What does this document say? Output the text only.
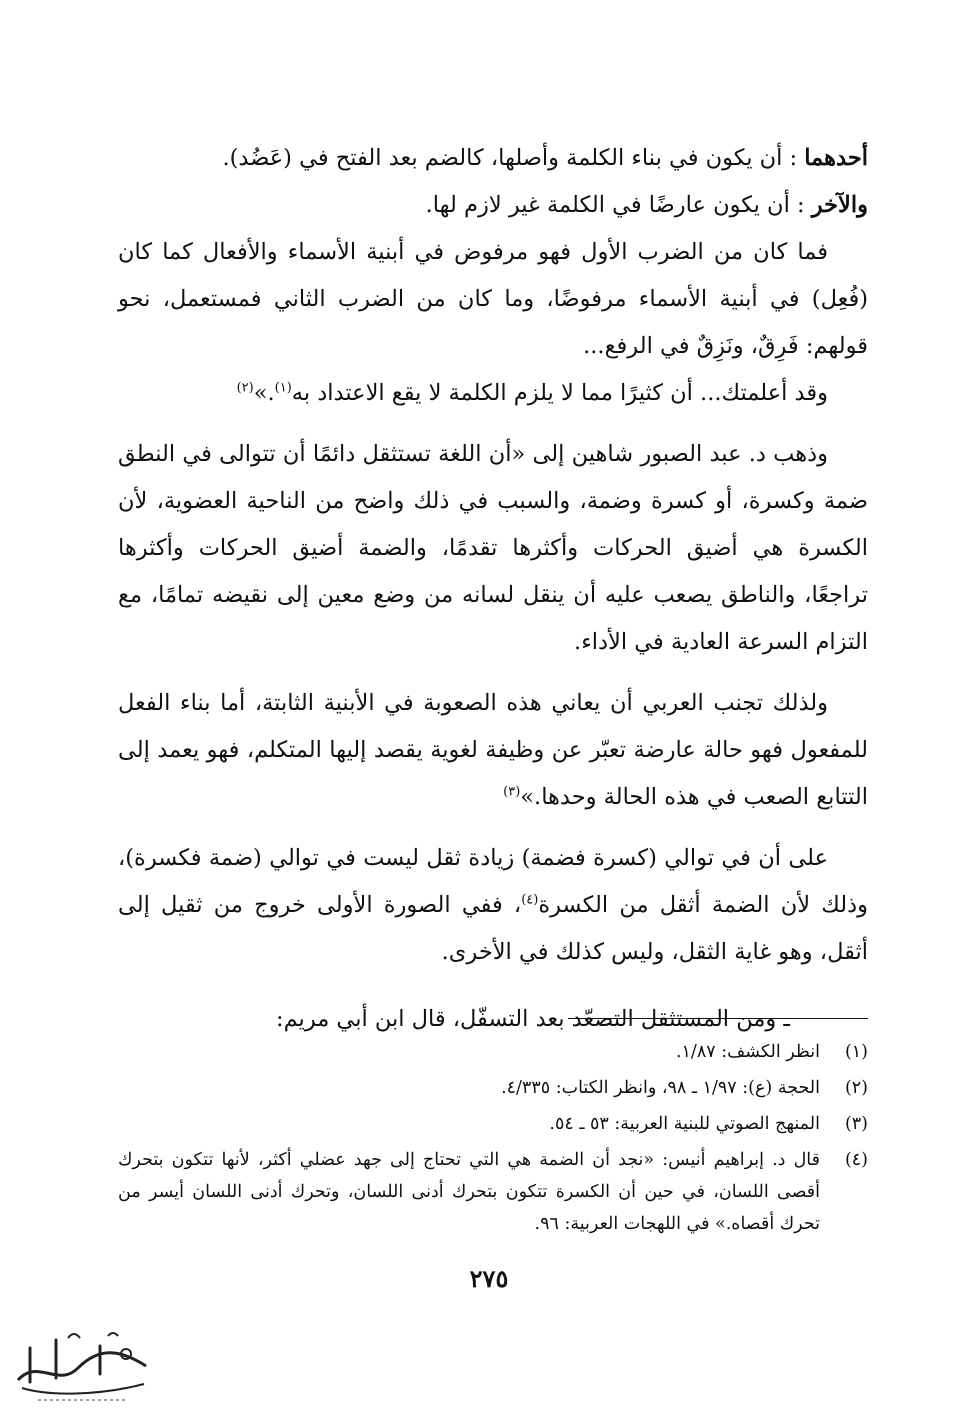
أحدهما : أن يكون في بناء الكلمة وأصلها، كالضم بعد الفتح في (عَضُد).

والآخر : أن يكون عارضًا في الكلمة غير لازم لها.

فما كان من الضرب الأول فهو مرفوض في أبنية الأسماء والأفعال كما كان (فُعِل) في أبنية الأسماء مرفوضًا، وما كان من الضرب الثاني فمستعمل، نحو قولهم: فَرِقٌ، ونَزِقٌ في الرفع...

وقد أعلمتك... أن كثيرًا مما لا يلزم الكلمة لا يقع الاعتداد به$^{(١)}$.»$^{(٢)}$

وذهب د. عبد الصبور شاهين إلى «أن اللغة تستثقل دائمًا أن تتوالى في النطق ضمة وكسرة، أو كسرة وضمة، والسبب في ذلك واضح من الناحية العضوية، لأن الكسرة هي أضيق الحركات وأكثرها تقدمًا، والضمة أضيق الحركات وأكثرها تراجعًا، والناطق يصعب عليه أن ينقل لسانه من وضع معين إلى نقيضه تمامًا، مع التزام السرعة العادية في الأداء.

ولذلك تجنب العربي أن يعاني هذه الصعوبة في الأبنية الثابتة، أما بناء الفعل للمفعول فهو حالة عارضة تعبّر عن وظيفة لغوية يقصد إليها المتكلم، فهو يعمد إلى التتابع الصعب في هذه الحالة وحدها.»$^{(٣)}$

على أن في توالي (كسرة فضمة) زيادة ثقل ليست في توالي (ضمة فكسرة)، وذلك لأن الضمة أثقل من الكسرة$^{(٤)}$، ففي الصورة الأولى خروج من ثقيل إلى أثقل، وهو غاية الثقل، وليس كذلك في الأخرى.

ـ ومن المستثقل التصعّد بعد التسفّل، قال ابن أبي مريم:

(١)
انظر الكشف: ١/٨٧.
(٢)
الحجة (ع): ١/٩٧ ـ ٩٨، وانظر الكتاب: ٤/٣٣٥.
(٣)
المنهج الصوتي للبنية العربية: ٥٣ ـ ٥٤.
(٤)
قال د. إبراهيم أنيس: «نجد أن الضمة هي التي تحتاج إلى جهد عضلي أكثر، لأنها تتكون بتحرك أقصى اللسان، في حين أن الكسرة تتكون بتحرك أدنى اللسان، وتحرك أدنى اللسان أيسر من تحرك أقصاه.» في اللهجات العربية: ٩٦.
٢٧٥
